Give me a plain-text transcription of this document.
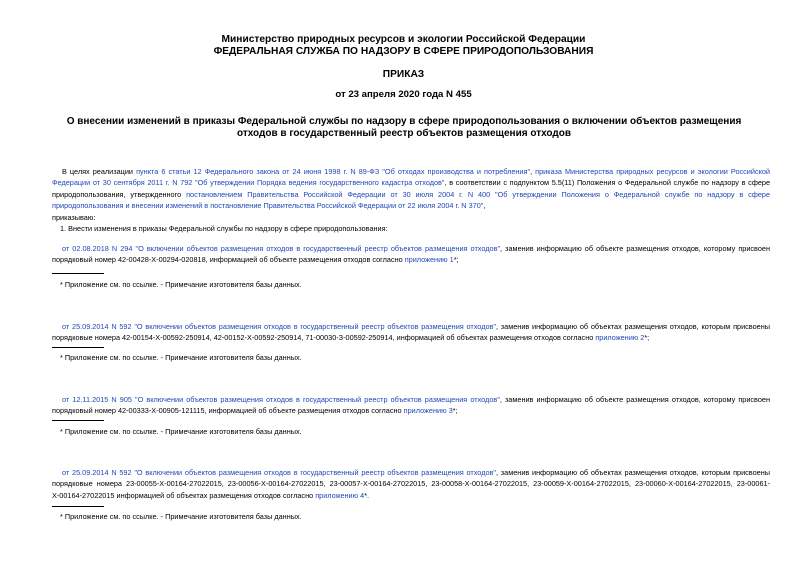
Министерство природных ресурсов и экологии Российской Федерации
ФЕДЕРАЛЬНАЯ СЛУЖБА ПО НАДЗОРУ В СФЕРЕ ПРИРОДОПОЛЬЗОВАНИЯ
ПРИКАЗ
от 23 апреля 2020 года N 455
О внесении изменений в приказы Федеральной службы по надзору в сфере природопользования о включении объектов размещения отходов в государственный реестр объектов размещения отходов
В целях реализации пункта 6 статьи 12 Федерального закона от 24 июня 1998 г. N 89-ФЗ "Об отходах производства и потребления", приказа Министерства природных ресурсов и экологии Российской Федерации от 30 сентября 2011 г. N 792 "Об утверждении Порядка ведения государственного кадастра отходов", в соответствии с подпунктом 5.5(11) Положения о Федеральной службе по надзору в сфере природопользования, утвержденного постановлением Правительства Российской Федерации от 30 июля 2004 г. N 400 "Об утверждении Положения о Федеральной службе по надзору в сфере природопользования и внесении изменений в постановление Правительства Российской Федерации от 22 июля 2004 г. N 370",
приказываю:
1. Внести изменения в приказы Федеральной службы по надзору в сфере природопользования:
от 02.08.2018 N 294 "О включении объектов размещения отходов в государственный реестр объектов размещения отходов", заменив информацию об объекте размещения отходов, которому присвоен порядковый номер 42-00428-Х-00294-020818, информацией об объекте размещения отходов согласно приложению 1*;
* Приложение см. по ссылке. - Примечание изготовителя базы данных.
от 25.09.2014 N 592 "О включении объектов размещения отходов в государственный реестр объектов размещения отходов", заменив информацию об объектах размещения отходов, которым присвоены порядковые номера 42-00154-Х-00592-250914, 42-00152-Х-00592-250914, 71-00030-З-00592-250914, информацией об объектах размещения отходов согласно приложению 2*;
* Приложение см. по ссылке. - Примечание изготовителя базы данных.
от 12.11.2015 N 905 "О включении объектов размещения отходов в государственный реестр объектов размещения отходов", заменив информацию об объекте размещения отходов, которому присвоен порядковый номер 42-00333-Х-00905-121115, информацией об объекте размещения отходов согласно приложению 3*;
* Приложение см. по ссылке. - Примечание изготовителя базы данных.
от 25.09.2014 N 592 "О включении объектов размещения отходов в государственный реестр объектов размещения отходов", заменив информацию об объектах размещения отходов, которым присвоены порядковые номера 23-00055-Х-00164-27022015, 23-00056-Х-00164-27022015, 23-00057-Х-00164-27022015, 23-00058-Х-00164-27022015, 23-00059-Х-00164-27022015, 23-00060-Х-00164-27022015, 23-00061-Х-00164-27022015 информацией об объектах размещения отходов согласно приложению 4*.
* Приложение см. по ссылке. - Примечание изготовителя базы данных.
